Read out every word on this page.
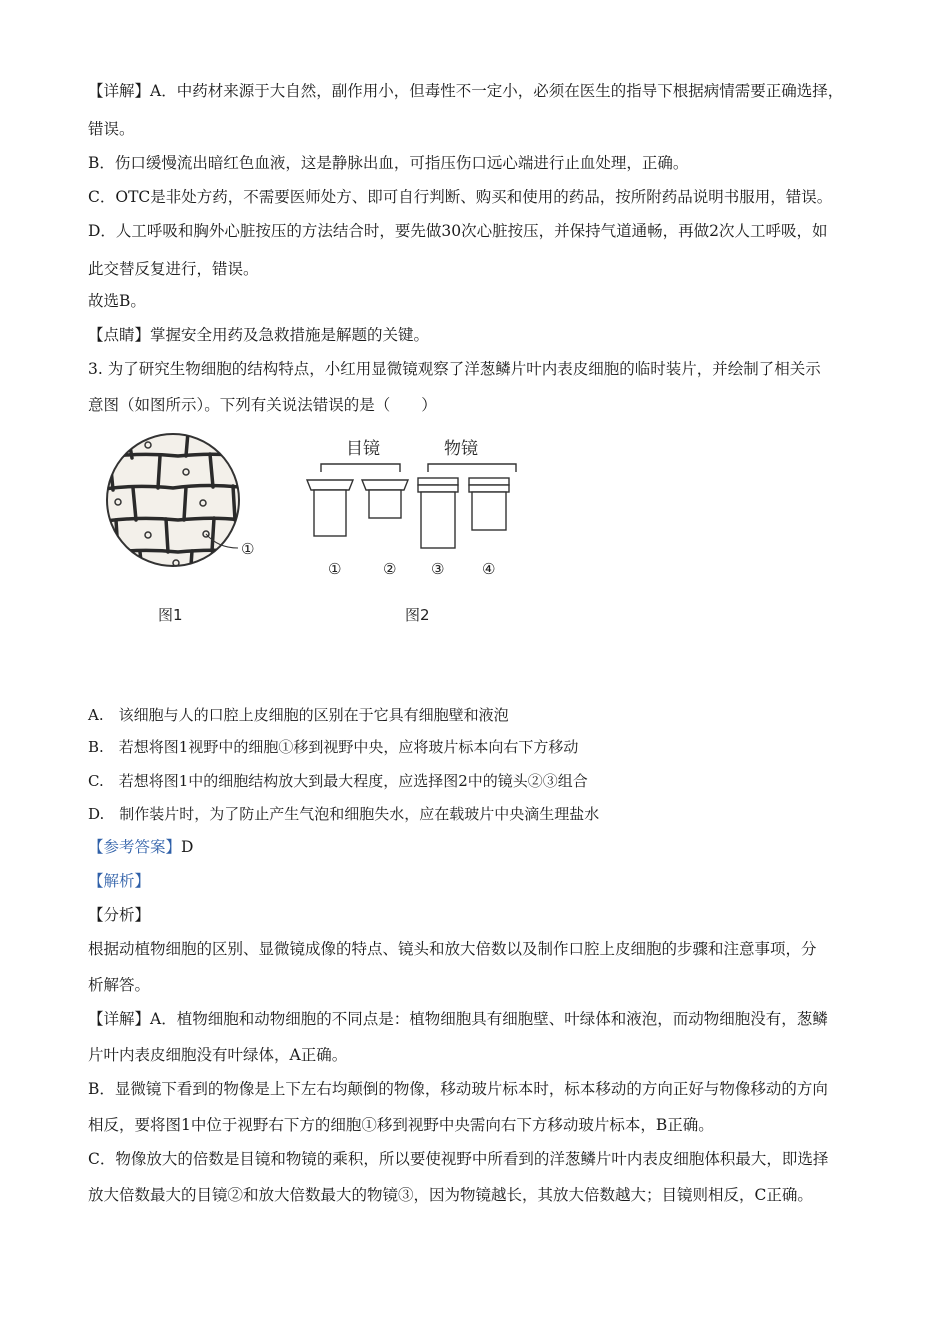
【详解】A．中药材来源于大自然，副作用小，但毒性不一定小，必须在医生的指导下根据病情需要正确选择，
错误。
B．伤口缓慢流出暗红色血液，这是静脉出血，可指压伤口远心端进行止血处理，正确。
C．OTC是非处方药，不需要医师处方、即可自行判断、购买和使用的药品，按所附药品说明书服用，错误。
D．人工呼吸和胸外心脏按压的方法结合时，要先做30次心脏按压，并保持气道通畅，再做2次人工呼吸，如
此交替反复进行，错误。
故选B。
【点睛】掌握安全用药及急救措施是解题的关键。
3. 为了研究生物细胞的结构特点，小红用显微镜观察了洋葱鳞片叶内表皮细胞的临时装片，并绘制了相关示
意图（如图所示）。下列有关说法错误的是（　　）
①
图1
目镜	物镜
①	② ③	④
图2
A.　该细胞与人的口腔上皮细胞的区别在于它具有细胞壁和液泡
B.　若想将图1视野中的细胞①移到视野中央，应将玻片标本向右下方移动
C.　若想将图1中的细胞结构放大到最大程度，应选择图2中的镜头②③组合
D.　制作装片时，为了防止产生气泡和细胞失水，应在载玻片中央滴生理盐水
【参考答案】D
【解析】
【分析】
根据动植物细胞的区别、显微镜成像的特点、镜头和放大倍数以及制作口腔上皮细胞的步骤和注意事项，分
析解答。
【详解】A．植物细胞和动物细胞的不同点是：植物细胞具有细胞壁、叶绿体和液泡，而动物细胞没有，葱鳞
片叶内表皮细胞没有叶绿体，A正确。
B．显微镜下看到的物像是上下左右均颠倒的物像，移动玻片标本时，标本移动的方向正好与物像移动的方向
相反，要将图1中位于视野右下方的细胞①移到视野中央需向右下方移动玻片标本，B正确。
C．物像放大的倍数是目镜和物镜的乘积，所以要使视野中所看到的洋葱鳞片叶内表皮细胞体积最大，即选择
放大倍数最大的目镜②和放大倍数最大的物镜③，因为物镜越长，其放大倍数越大；目镜则相反，C正确。
